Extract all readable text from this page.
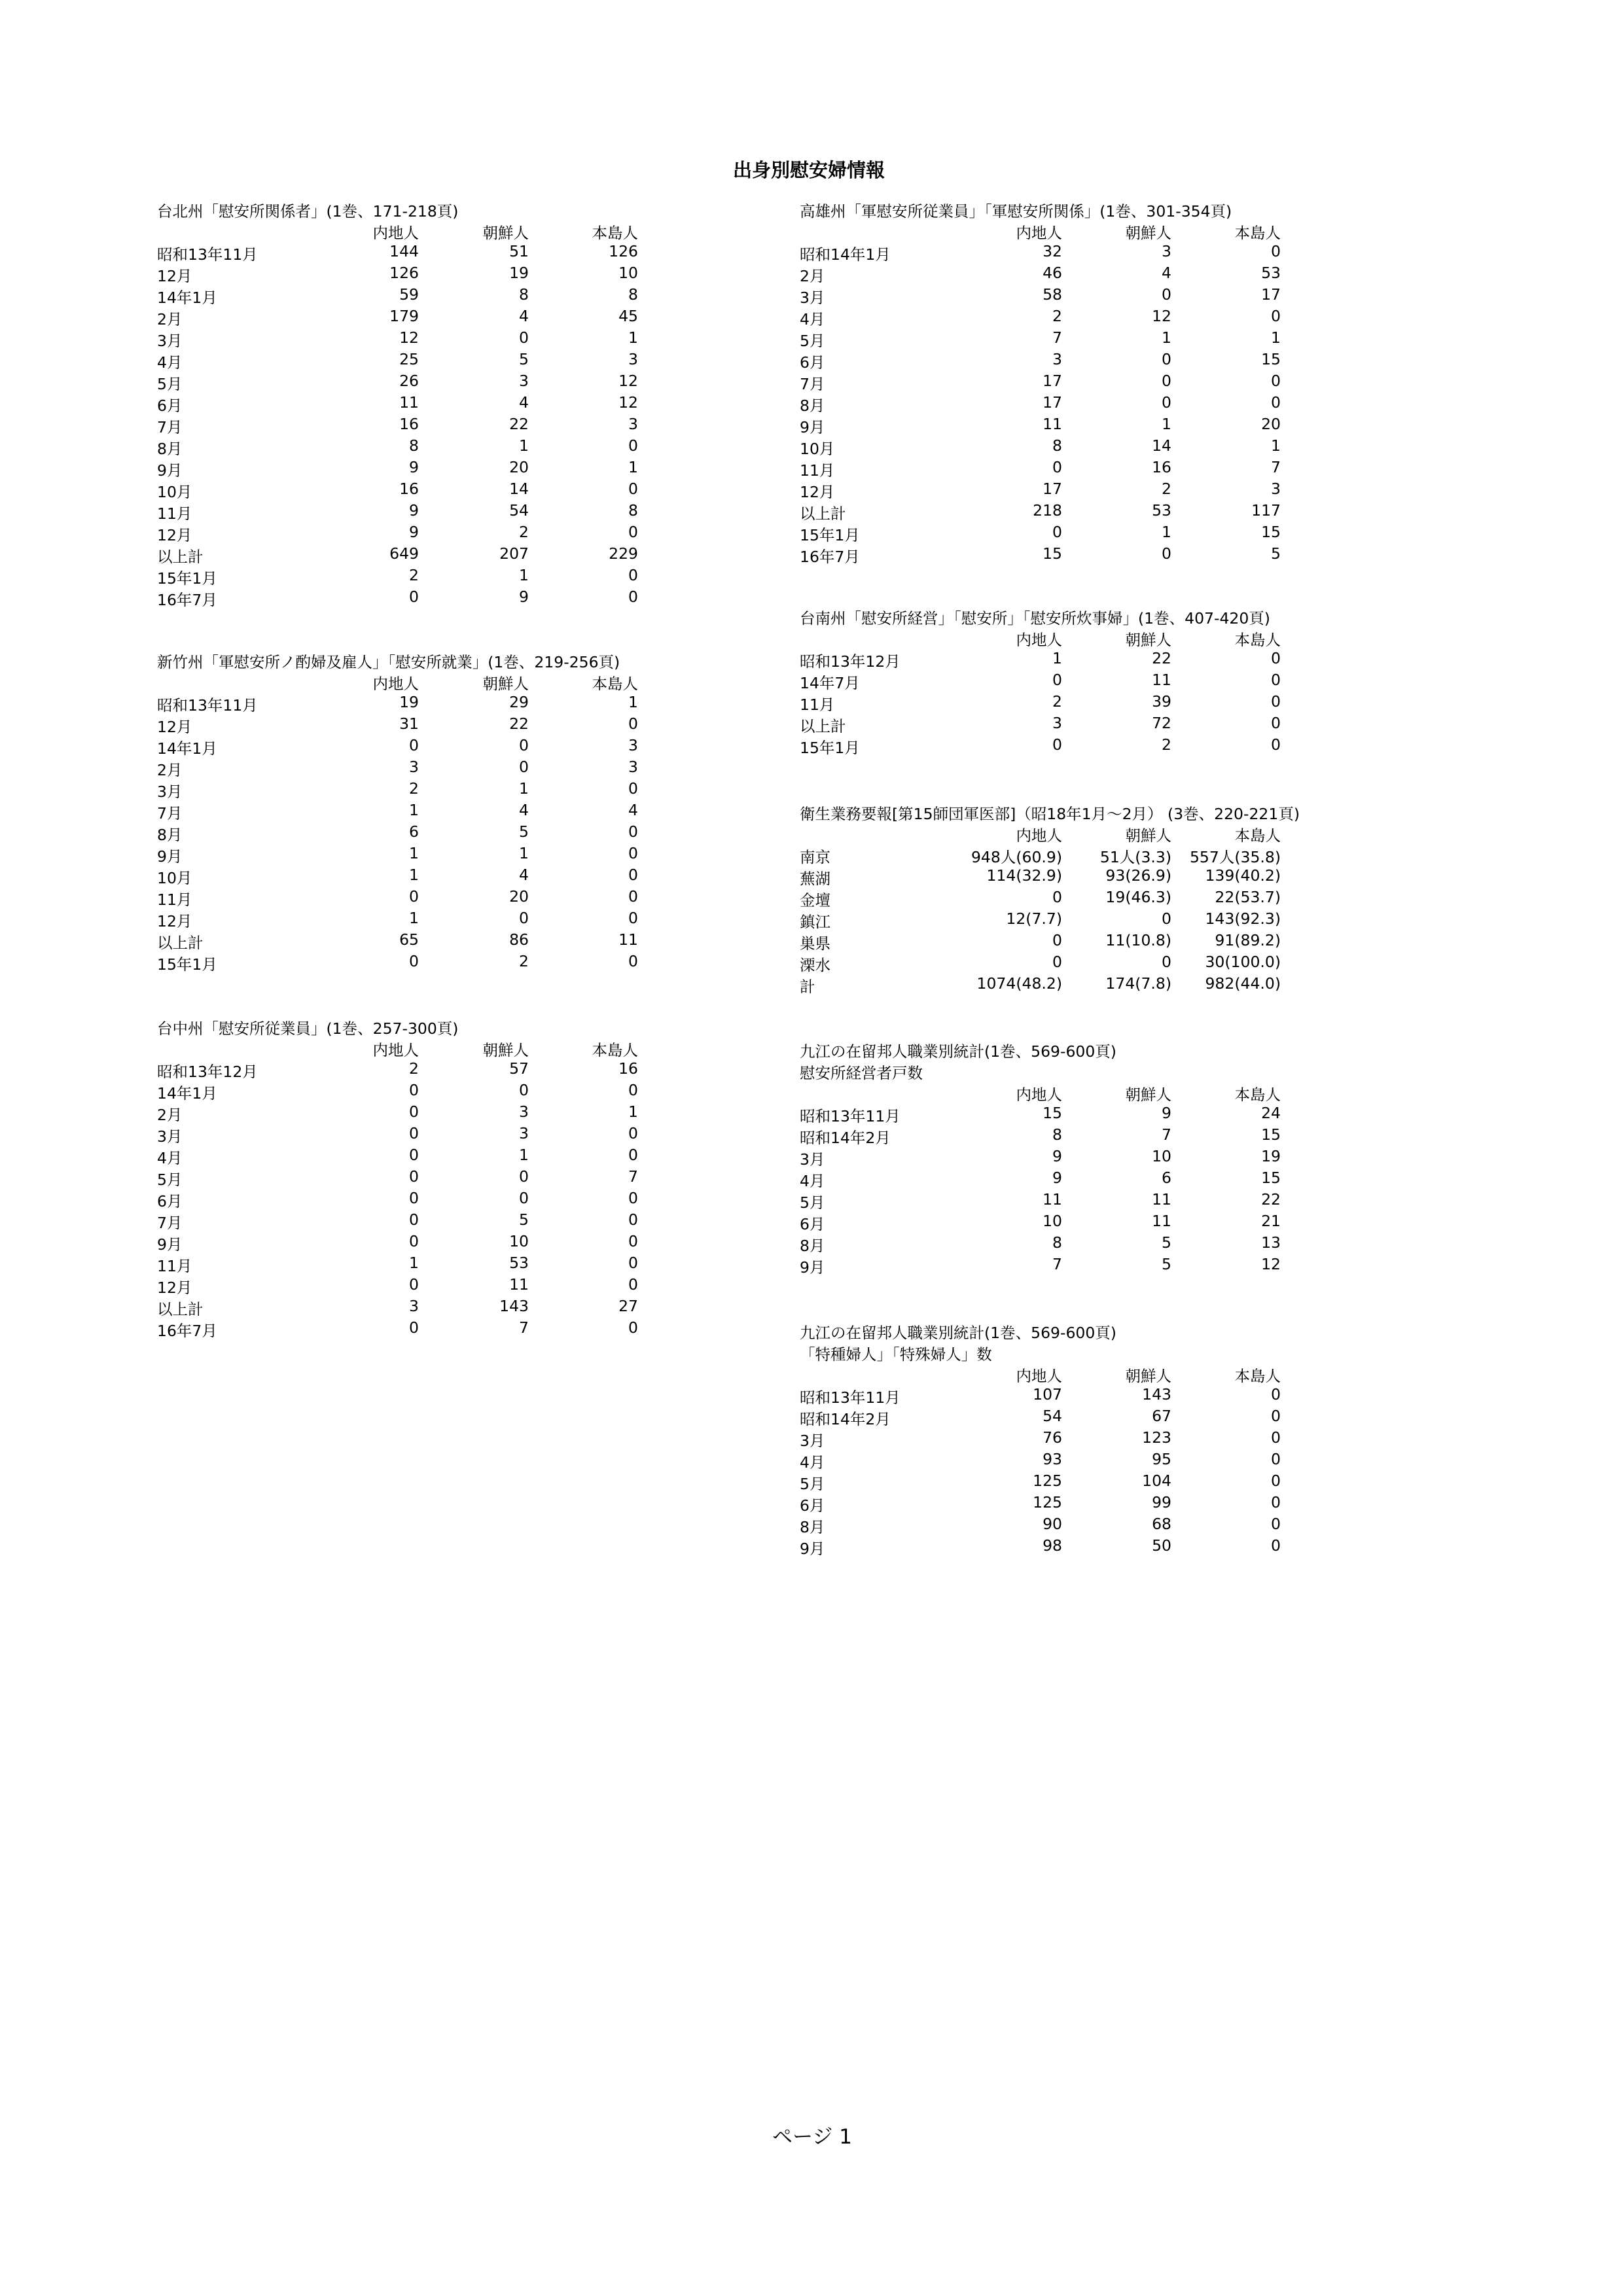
出身別慰安婦情報
台北州「慰安所関係者」(1巻、171-218頁)
内地人	朝鮮人	本島人
昭和13年11月	144	51	126
12月	126	19	10
14年1月	59	8	8
2月	179	4	45
3月	12	0	1
4月	25	5	3
5月	26	3	12
6月	11	4	12
7月	16	22	3
8月	8	1	0
9月	9	20	1
10月	16	14	0
11月	9	54	8
12月	9	2	0
以上計	649	207	229
15年1月	2	1	0
16年7月	0	9	0
新竹州「軍慰安所ノ酌婦及雇人」「慰安所就業」(1巻、219-256頁)
内地人	朝鮮人	本島人
昭和13年11月	19	29	1
12月	31	22	0
14年1月	0	0	3
2月	3	0	3
3月	2	1	0
7月	1	4	4
8月	6	5	0
9月	1	1	0
10月	1	4	0
11月	0	20	0
12月	1	0	0
以上計	65	86	11
15年1月	0	2	0
台中州「慰安所従業員」(1巻、257-300頁)
内地人	朝鮮人	本島人
昭和13年12月	2	57	16
14年1月	0	0	0
2月	0	3	1
3月	0	3	0
4月	0	1	0
5月	0	0	7
6月	0	0	0
7月	0	5	0
9月	0	10	0
11月	1	53	0
12月	0	11	0
以上計	3	143	27
16年7月	0	7	0
高雄州「軍慰安所従業員」「軍慰安所関係」(1巻、301-354頁)
内地人	朝鮮人	本島人
昭和14年1月	32	3	0
2月	46	4	53
3月	58	0	17
4月	2	12	0
5月	7	1	1
6月	3	0	15
7月	17	0	0
8月	17	0	0
9月	11	1	20
10月	8	14	1
11月	0	16	7
12月	17	2	3
以上計	218	53	117
15年1月	0	1	15
16年7月	15	0	5
台南州「慰安所経営」「慰安所」「慰安所炊事婦」(1巻、407-420頁)
内地人	朝鮮人	本島人
昭和13年12月	1	22	0
14年7月	0	11	0
11月	2	39	0
以上計	3	72	0
15年1月	0	2	0
衛生業務要報[第15師団軍医部]（昭18年1月～2月） (3巻、220-221頁)
内地人	朝鮮人	本島人
南京	948人(60.9)	51人(3.3)	557人(35.8)
蕪湖	114(32.9)	93(26.9)	139(40.2)
金壇	0	19(46.3)	22(53.7)
鎮江	12(7.7)	0	143(92.3)
巣県	0	11(10.8)	91(89.2)
溧水	0	0	30(100.0)
計	1074(48.2)	174(7.8)	982(44.0)
九江の在留邦人職業別統計(1巻、569-600頁)
慰安所経営者戸数
内地人	朝鮮人	本島人
昭和13年11月	15	9	24
昭和14年2月	8	7	15
3月	9	10	19
4月	9	6	15
5月	11	11	22
6月	10	11	21
8月	8	5	13
9月	7	5	12
九江の在留邦人職業別統計(1巻、569-600頁)
「特種婦人」「特殊婦人」数
内地人	朝鮮人	本島人
昭和13年11月	107	143	0
昭和14年2月	54	67	0
3月	76	123	0
4月	93	95	0
5月	125	104	0
6月	125	99	0
8月	90	68	0
9月	98	50	0
ページ 1
